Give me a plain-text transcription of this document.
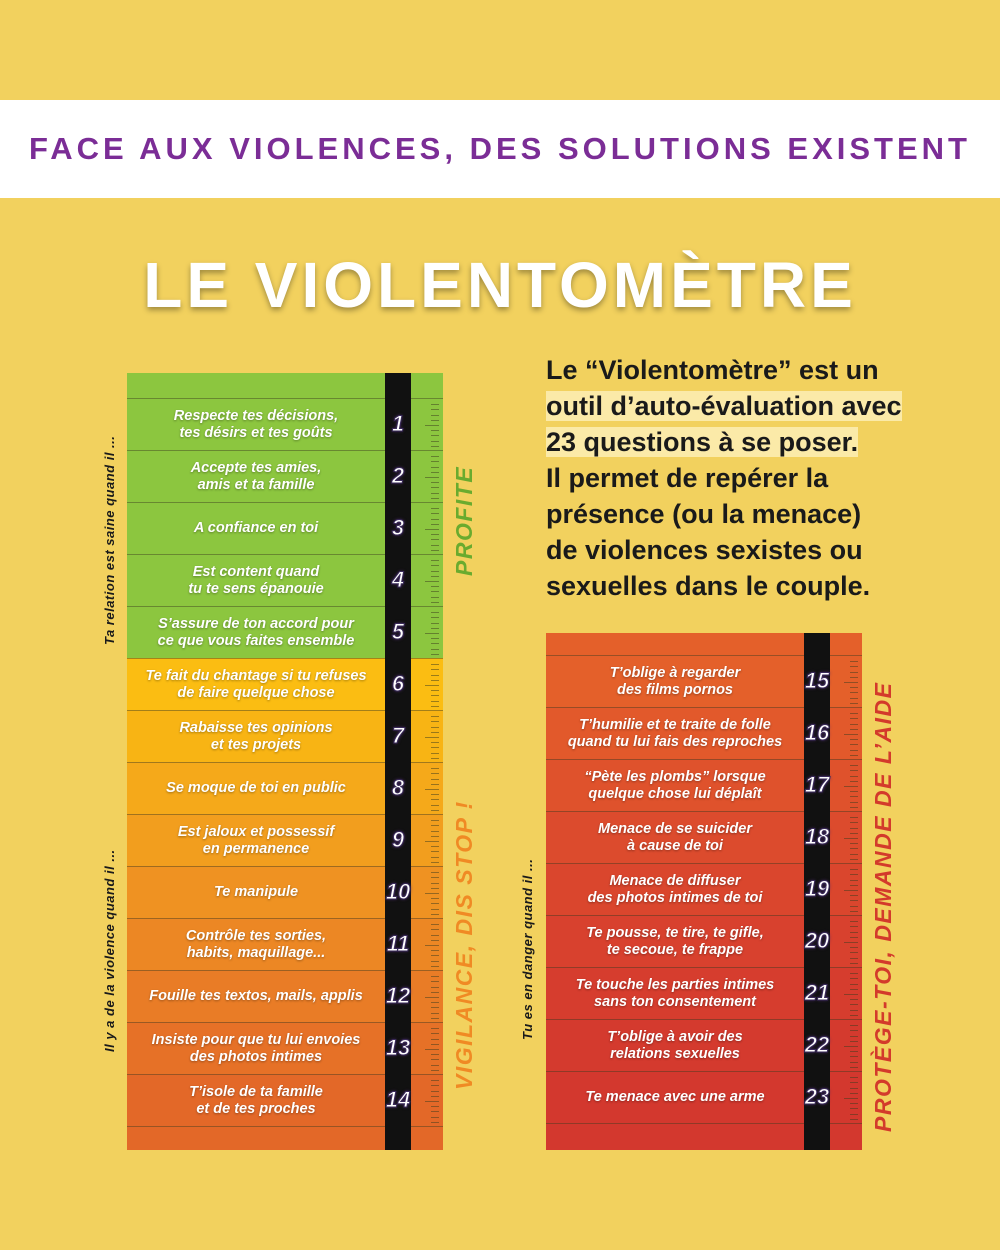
FACE AUX VIOLENCES, DES SOLUTIONS EXISTENT
LE VIOLENTOMÈTRE
Le “Violentomètre” est un
outil d’auto-évaluation avec
23 questions à se poser.
Il permet de repérer la
présence (ou la menace)
de violences sexistes ou
sexuelles dans le couple.
Respecte tes décisions,
tes désirs et tes goûts	1
Accepte tes amies,
amis et ta famille	2
A confiance en toi	3
Est content quand
tu te sens épanouie	4
S’assure de ton accord pour
ce que vous faites ensemble	5
Te fait du chantage si tu refuses
de faire quelque chose	6
Rabaisse tes opinions
et tes projets	7
Se moque de toi en public	8
Est jaloux et possessif
en permanence	9
Te manipule	10
Contrôle tes sorties,
habits, maquillage...	11
Fouille tes textos, mails, applis	12
Insiste pour que tu lui envoies
des photos intimes	13
T’isole de ta famille
et de tes proches	14
Ta relation est saine quand il ...
Il y a de la violence quand il ...
PROFITE
VIGILANCE, DIS STOP !
T’oblige à regarder
des films pornos	15
T’humilie et te traite de folle
quand tu lui fais des reproches	16
“Pète les plombs” lorsque
quelque chose lui déplaît	17
Menace de se suicider
à cause de toi	18
Menace de diffuser
des photos intimes de toi	19
Te pousse, te tire, te gifle,
te secoue, te frappe	20
Te touche les parties intimes
sans ton consentement	21
T’oblige à avoir des
relations sexuelles	22
Te menace avec une arme	23
Tu es en danger quand il ...	PROTÈGE-TOI, DEMANDE DE L’AIDE
